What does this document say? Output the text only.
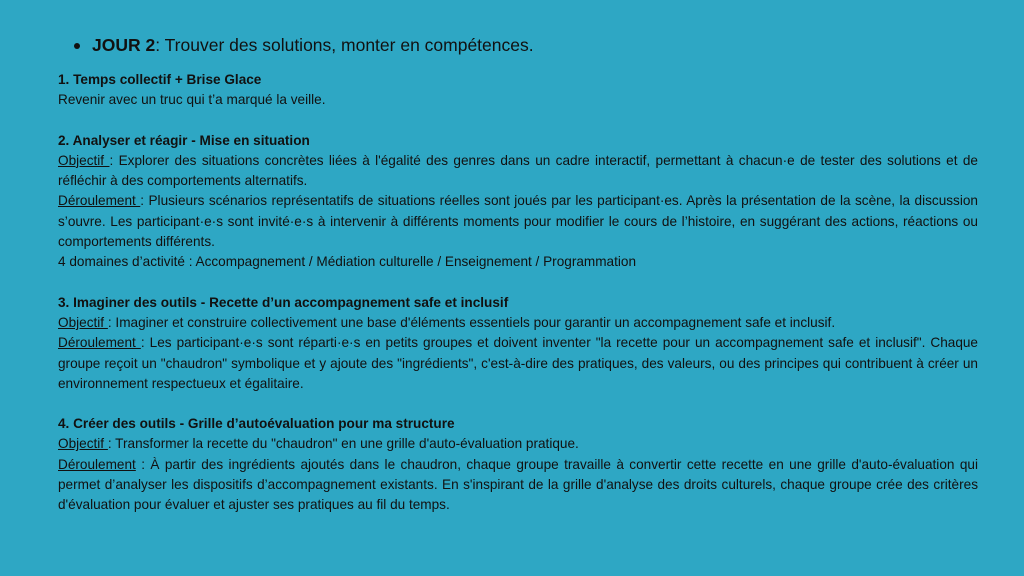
JOUR 2 : Trouver des solutions, monter en compétences.
1. Temps collectif + Brise Glace
Revenir avec un truc qui t’a marqué la veille.
2. Analyser et réagir - Mise en situation
Objectif : Explorer des situations concrètes liées à l'égalité des genres dans un cadre interactif, permettant à chacun·e de tester des solutions et de réfléchir à des comportements alternatifs.
Déroulement : Plusieurs scénarios représentatifs de situations réelles sont joués par les participant·es. Après la présentation de la scène, la discussion s’ouvre. Les participant·e·s sont invité·e·s à intervenir à différents moments pour modifier le cours de l’histoire, en suggérant des actions, réactions ou comportements différents.
4 domaines d’activité : Accompagnement / Médiation culturelle / Enseignement / Programmation
3. Imaginer des outils - Recette d’un accompagnement safe et inclusif
Objectif : Imaginer et construire collectivement une base d'éléments essentiels pour garantir un accompagnement safe et inclusif.
Déroulement : Les participant·e·s sont réparti·e·s en petits groupes et doivent inventer "la recette pour un accompagnement safe et inclusif". Chaque groupe reçoit un "chaudron" symbolique et y ajoute des "ingrédients", c'est-à-dire des pratiques, des valeurs, ou des principes qui contribuent à créer un environnement respectueux et égalitaire.
4. Créer des outils - Grille d’autoévaluation pour ma structure
Objectif : Transformer la recette du "chaudron" en une grille d'auto-évaluation pratique.
Déroulement : À partir des ingrédients ajoutés dans le chaudron, chaque groupe travaille à convertir cette recette en une grille d'auto-évaluation qui permet d’analyser les dispositifs d’accompagnement existants. En s'inspirant de la grille d'analyse des droits culturels, chaque groupe crée des critères d'évaluation pour évaluer et ajuster ses pratiques au fil du temps.
